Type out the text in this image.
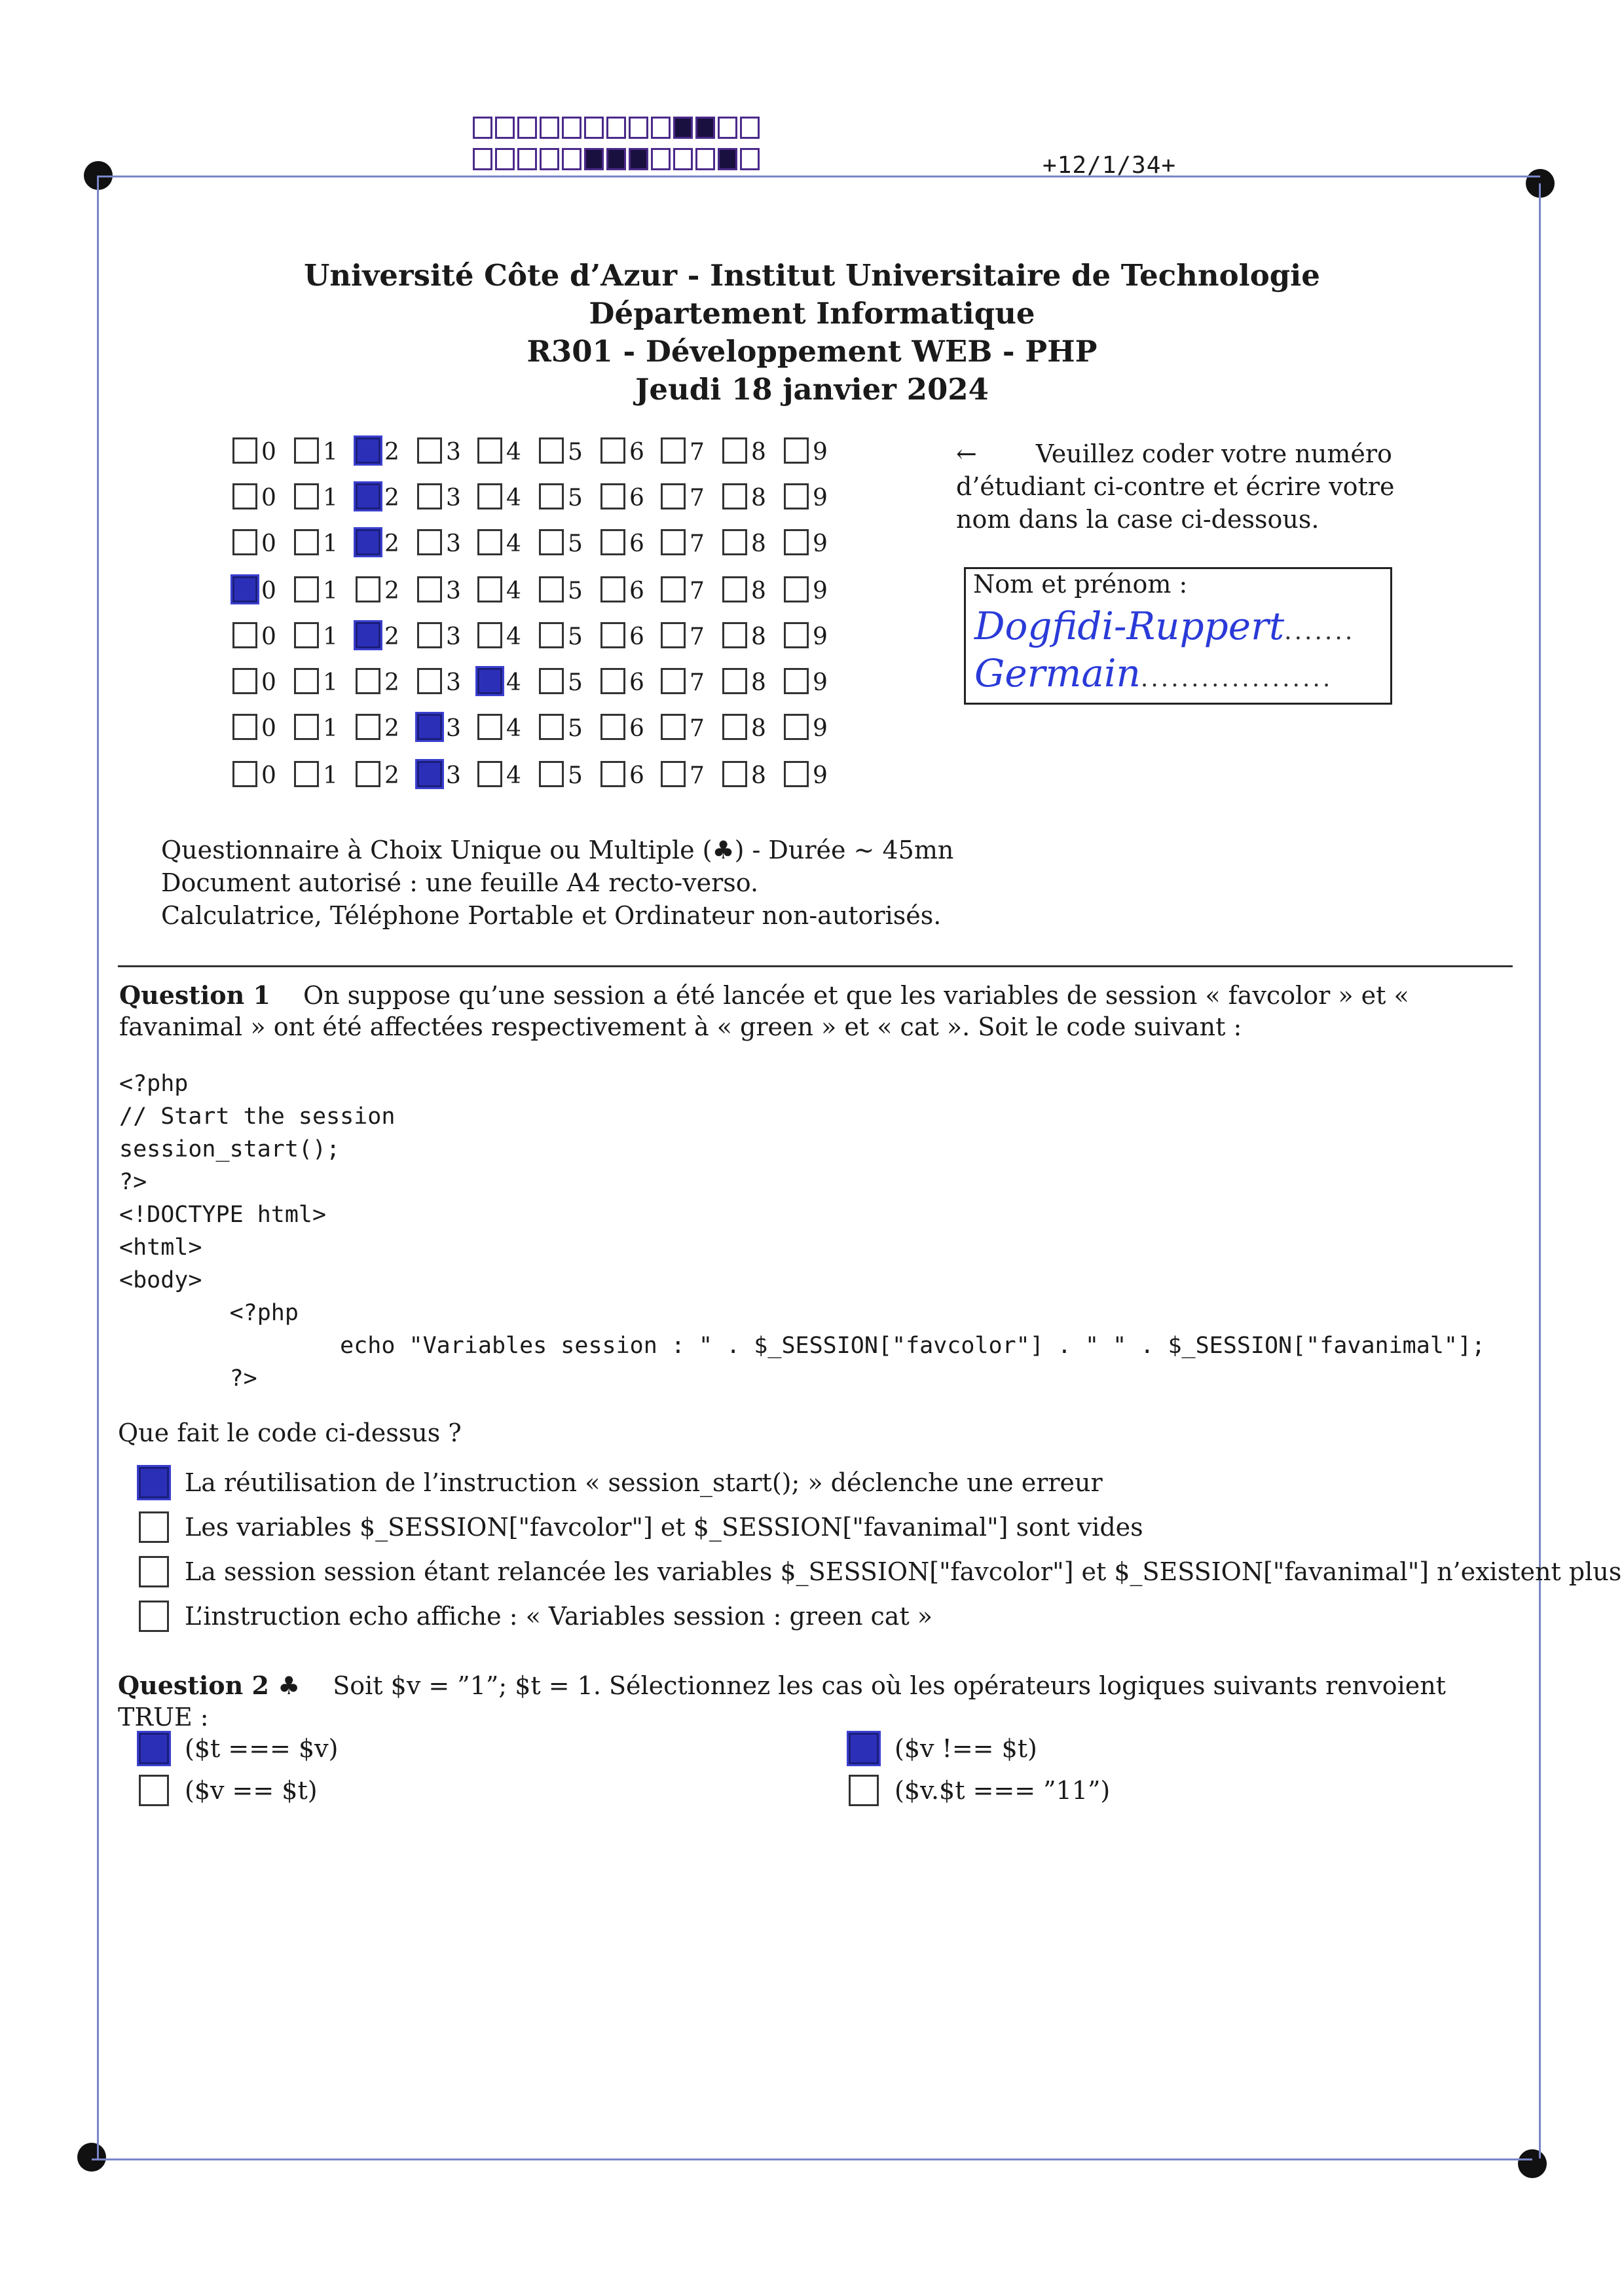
+12/1/34+
Université Côte d’Azur - Institut Universitaire de Technologie
Département Informatique
R301 - Développement WEB - PHP
Jeudi 18 janvier 2024
0 1 2 3 4 5 6 7 8 9
0 1 2 3 4 5 6 7 8 9
0 1 2 3 4 5 6 7 8 9
0 1 2 3 4 5 6 7 8 9
0 1 2 3 4 5 6 7 8 9
0 1 2 3 4 5 6 7 8 9
0 1 2 3 4 5 6 7 8 9
0 1 2 3 4 5 6 7 8 9
← Veuillez coder votre numéro d’étudiant ci-contre et écrire votre nom dans la case ci-dessous.
Nom et prénom :
Dogfidi-Ruppert.......
Germain...................
Questionnaire à Choix Unique ou Multiple (♣) - Durée ∼ 45mn
Document autorisé : une feuille A4 recto-verso.
Calculatrice, Téléphone Portable et Ordinateur non-autorisés.
Question 1 On suppose qu’une session a été lancée et que les variables de session « favcolor » et « favanimal » ont été affectées respectivement à « green » et « cat ». Soit le code suivant :
<?php
// Start the session
session_start();
?>
<!DOCTYPE html>
<html>
<body>
<?php
echo "Variables session : " . $_SESSION["favcolor"] . " " . $_SESSION["favanimal"];
?>
Que fait le code ci-dessus ?
La réutilisation de l’instruction « session_start(); » déclenche une erreur
Les variables $_SESSION["favcolor"] et $_SESSION["favanimal"] sont vides
La session session étant relancée les variables $_SESSION["favcolor"] et $_SESSION["favanimal"] n’existent plus
L’instruction echo affiche : « Variables session : green cat »
Question 2 ♣ Soit $v = ”1”; $t = 1. Sélectionnez les cas où les opérateurs logiques suivants renvoient TRUE :
($t === $v)
($v == $t)
($v !== $t)
($v.$t === ”11”)
